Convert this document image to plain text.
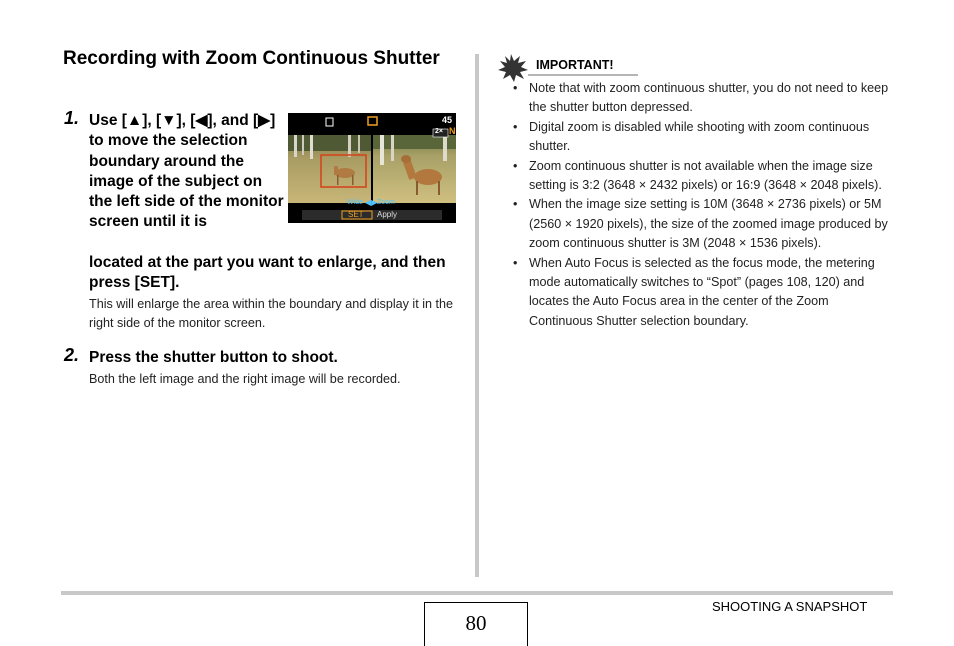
Recording with Zoom Continuous Shutter
1. Use [▲], [▼], [◀], and [▶] to move the selection boundary around the image of the subject on the left side of the monitor screen until it is
located at the part you want to enlarge, and then press [SET].
This will enlarge the area within the boundary and display it in the right side of the monitor screen.
45
2× N
Wide ◀▶ Zoom
SET Apply
2. Press the shutter button to shoot.
Both the left image and the right image will be recorded.
IMPORTANT!
• Note that with zoom continuous shutter, you do not need to keep the shutter button depressed.
• Digital zoom is disabled while shooting with zoom continuous shutter.
• Zoom continuous shutter is not available when the image size setting is 3:2 (3648 × 2432 pixels) or 16:9 (3648 × 2048 pixels).
• When the image size setting is 10M (3648 × 2736 pixels) or 5M (2560 × 1920 pixels), the size of the zoomed image produced by zoom continuous shutter is 3M (2048 × 1536 pixels).
• When Auto Focus is selected as the focus mode, the metering mode automatically switches to “Spot” (pages 108, 120) and locates the Auto Focus area in the center of the Zoom Continuous Shutter selection boundary.
80
SHOOTING A SNAPSHOT
